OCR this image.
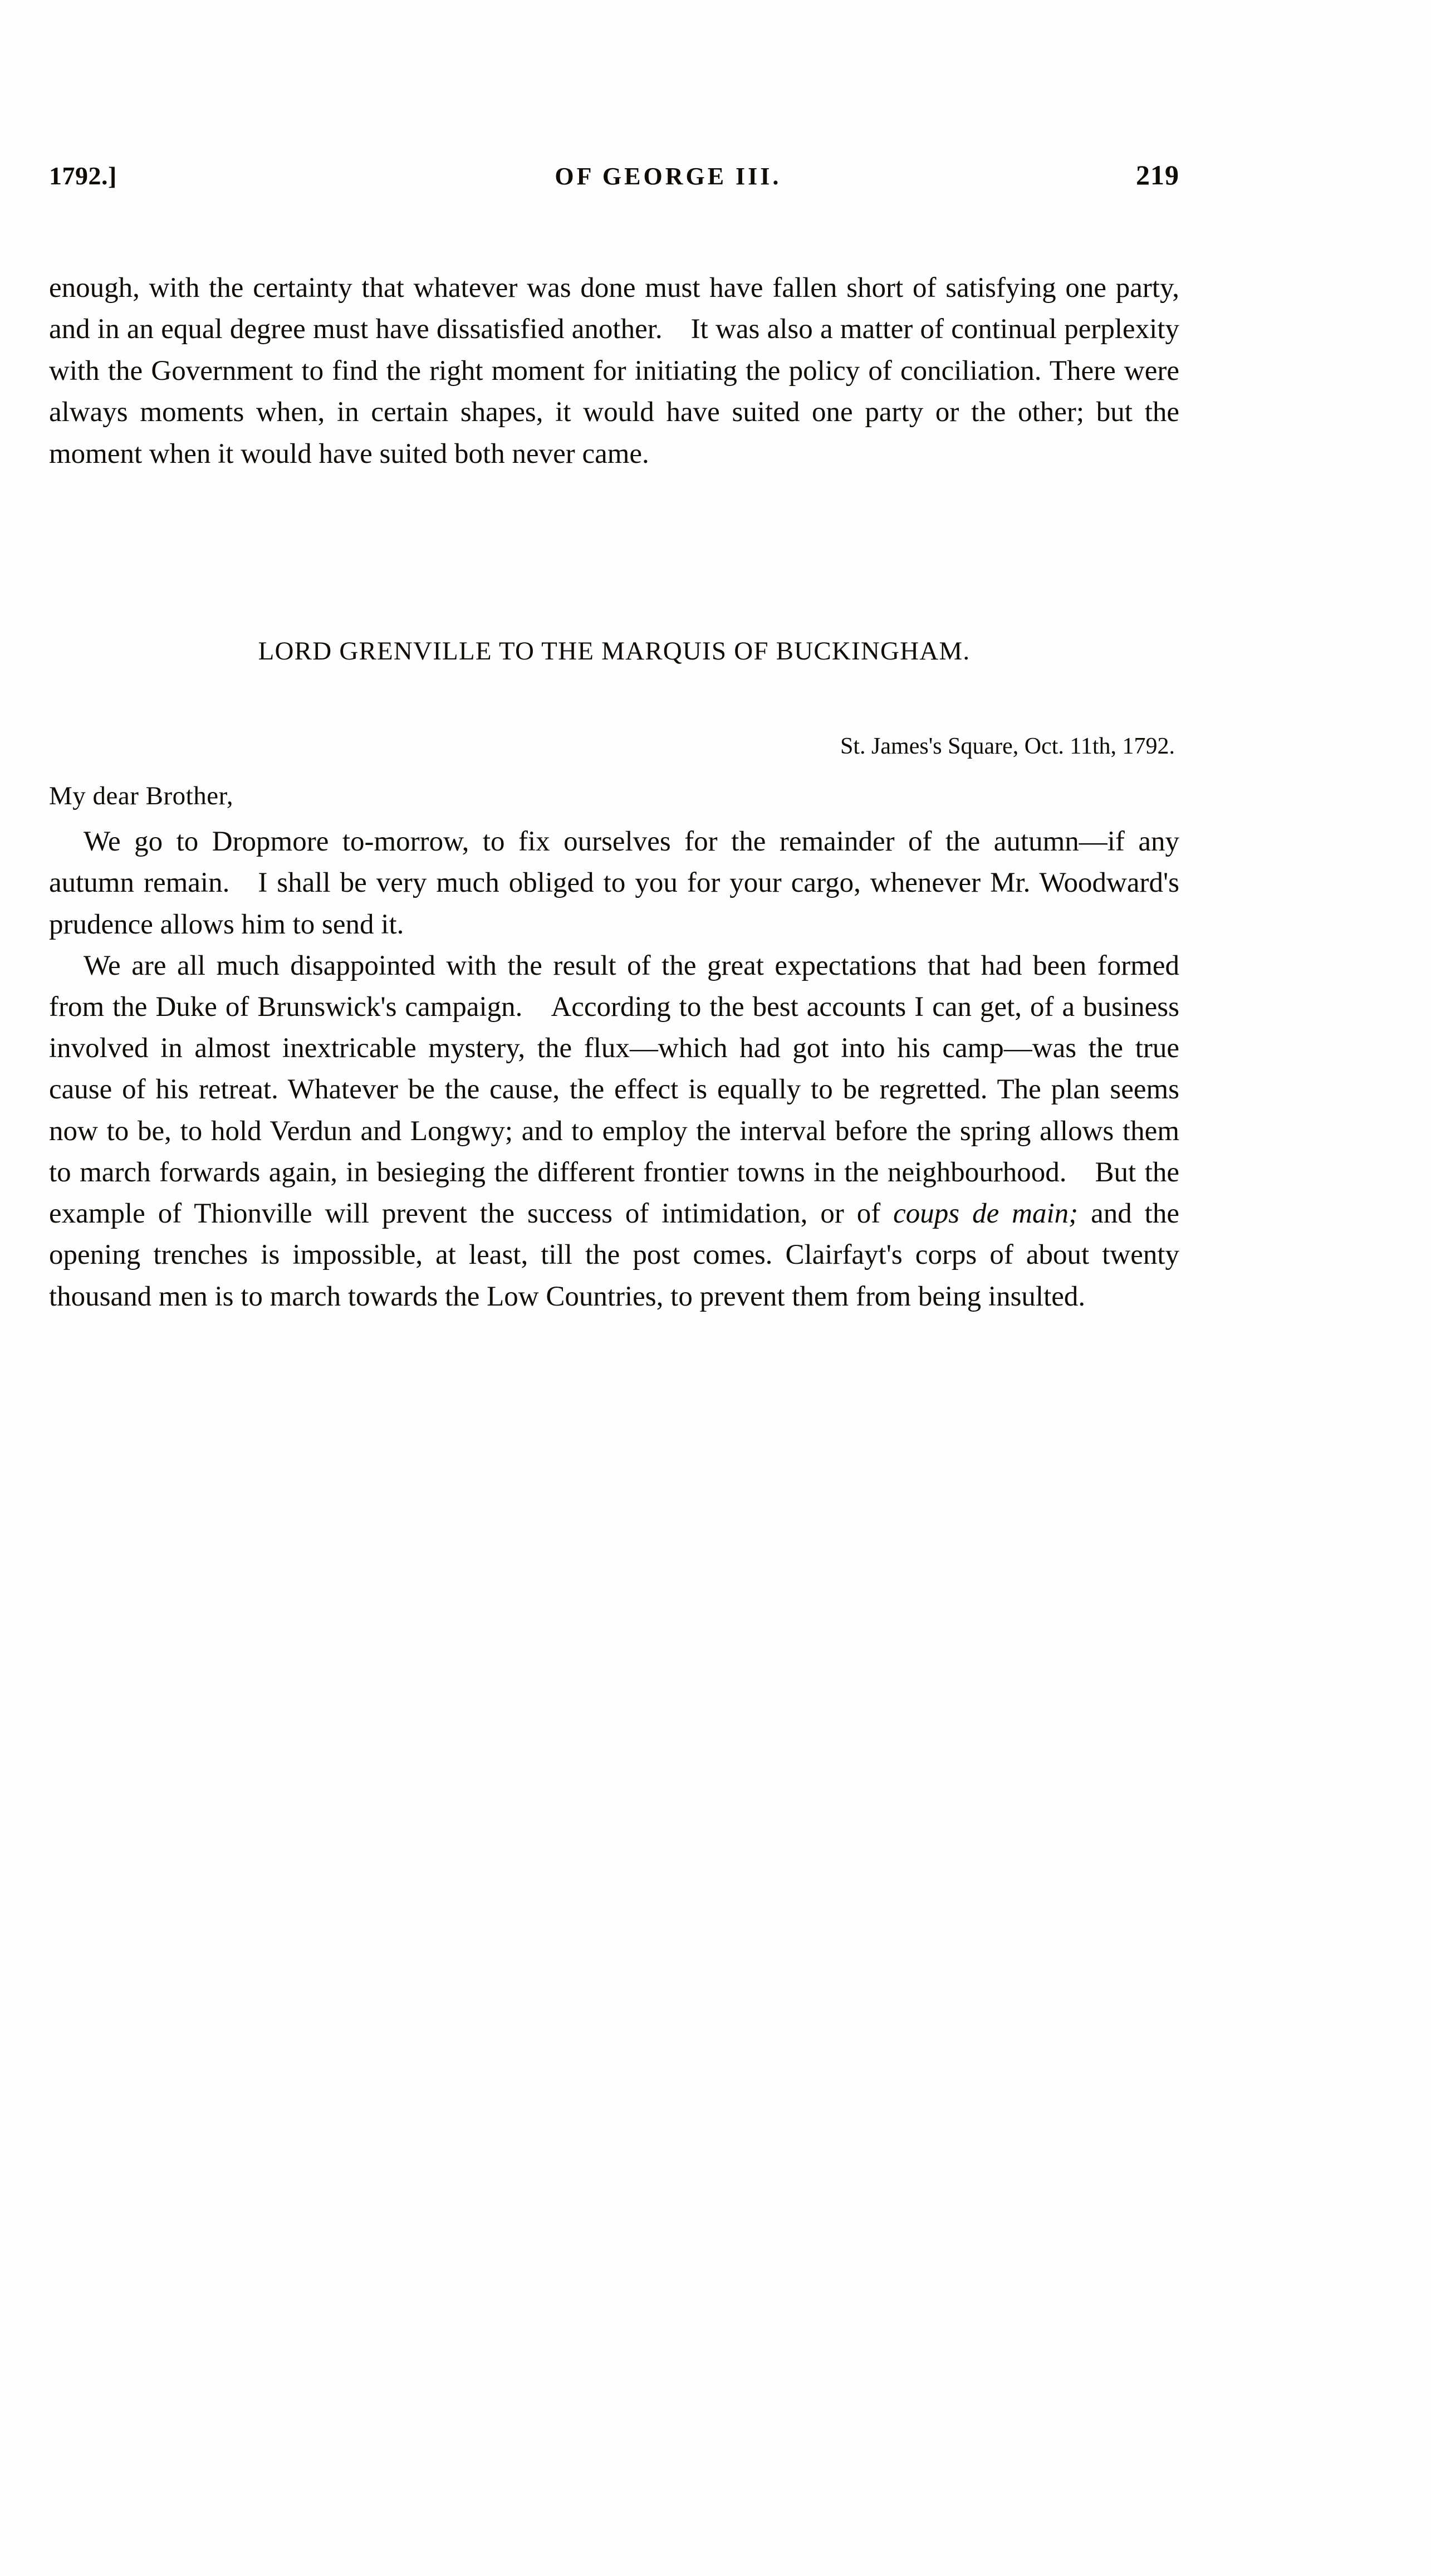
1792.]	OF GEORGE III.	219

enough, with the certainty that whatever was done must have fallen short of satisfying one party, and in an equal degree must have dissatisfied another. It was also a matter of continual perplexity with the Government to find the right moment for initiating the policy of conciliation. There were always moments when, in certain shapes, it would have suited one party or the other; but the moment when it would have suited both never came.

LORD GRENVILLE TO THE MARQUIS OF BUCKINGHAM.
St. James's Square, Oct. 11th, 1792.
My dear Brother,

We go to Dropmore to-morrow, to fix ourselves for the remainder of the autumn—if any autumn remain. I shall be very much obliged to you for your cargo, whenever Mr. Woodward's prudence allows him to send it.

We are all much disappointed with the result of the great expectations that had been formed from the Duke of Brunswick's campaign. According to the best accounts I can get, of a business involved in almost inextricable mystery, the flux—which had got into his camp—was the true cause of his retreat. Whatever be the cause, the effect is equally to be regretted. The plan seems now to be, to hold Verdun and Longwy; and to employ the interval before the spring allows them to march forwards again, in besieging the different frontier towns in the neighbourhood. But the example of Thionville will prevent the success of intimidation, or of coups de main; and the opening trenches is impossible, at least, till the post comes. Clairfayt's corps of about twenty thousand men is to march towards the Low Countries, to prevent them from being insulted.
